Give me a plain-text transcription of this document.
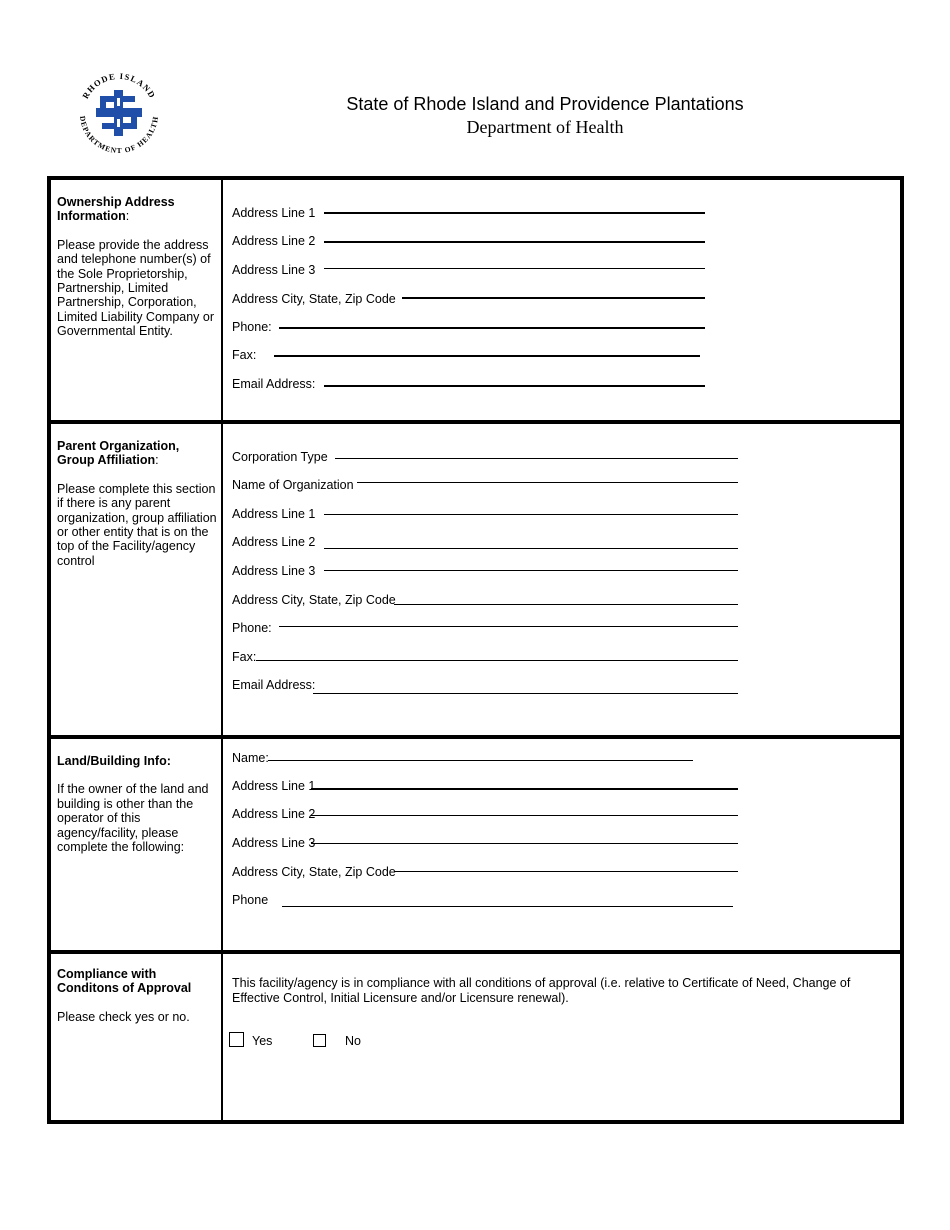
RHODE ISLAND
DEPARTMENT OF HEALTH
State of Rhode Island and Providence Plantations
Department of Health
Ownership Address Information:
Please provide the address and telephone number(s) of the Sole Proprietorship, Partnership, Limited Partnership, Corporation, Limited Liability Company or Governmental Entity.
Address Line 1
Address Line 2
Address Line 3
Address City, State, Zip Code
Phone:
Fax:
Email Address:
Parent Organization, Group Affiliation:
Please complete this section if there is any parent organization, group affiliation or other entity that is on the top of the Facility/agency control
Corporation Type
Name of Organization
Address Line 1
Address Line 2
Address Line 3
Address City, State, Zip Code
Phone:
Fax:
Email Address:
Land/Building Info:
If the owner of the land and building is other than the operator of this agency/facility, please complete the following:
Name:
Address Line 1
Address Line 2
Address Line 3
Address City, State, Zip Code
Phone
Compliance with Conditons of Approval
Please check yes or no.
This facility/agency is in compliance with all conditions of approval (i.e. relative to Certificate of Need, Change of Effective Control, Initial Licensure and/or Licensure renewal).
Yes	No
